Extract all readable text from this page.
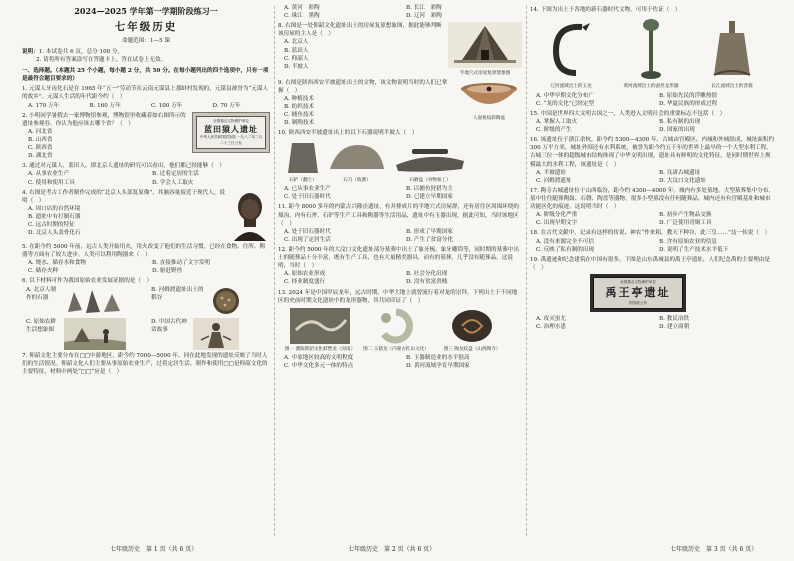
2024—2025 学年第一学期阶段练习一
七年级历史
命题范围：1—5 课
说明：1. 本试卷共 6 页，总分 100 分。
2. 请将所有答案涂写在答题卡上，答在试卷上无效。
一、选择题。（本题共 25 个小题，每小题 2 分，共 50 分。在每小题列出的四个选项中，只有一项是最符合题目要求的）
1. 元谋人牙齿化石是在 1965 年“五一”劳动节在云南元谋县上那蚌村发现的，元谋县被誉为“元谋人的故乡”。元谋人生活的年代距今约（　）
A. 170 万年	B. 160 万年	C. 100 万年	D. 70 万年
2. 小明同学暑假去一家博物馆参观，博物馆里收藏着如右图所示的遗址参观券。你认为他应该去哪个省？（　）
A. 河北省
B. 山西省
C. 陕西省
D. 湖北省
全国重点文物保护单位
蓝田猿人遗址
中华人民共和国国务院 一九八二年二月二十三日公布
3. 通过对元谋人、蓝田人，即北京人遗址的研究可以看出，他们都已经能够（　）
A. 从事农业生产	B. 过着定居的生活
C. 使用和使用工具	D. 学会人工取火
4. 右图是考古工作者制作完成的“北京人头部复原像”，其脑容量接近于现代人，说明（　）
A. 周口店的自然环境
B. 遗址中有打制石器
C. 远古时期的特征
D. 北京人头盖骨化石
5. 在距今约 5000 年前，远古人类开始用火，用火改变了他们的生活习惯，已经在食物、住所、陶器等方面有了较大进步。人类可以利用陶器来（　）
A. 烧水、储存水和食物	B. 直接推动了文字发明
C. 储存火种	D. 驱赶野兽
6. 以下材料可作为我国原始农业发展证据的是（　）
A. 北京人制作的石器
B. 河姆渡遗址出土的稻谷
C. 原始农耕生活想象图
D. 中国古代神话故事
7. 仰韶文化主要分布在□□中游地区，距今约 7000—5000 年，同在此地发现的遗址反映了当时人们的生活情况。仰韶文化人们主要从事原始农业生产，过着定居生活。制作和使用□□是仰韶文化的主要特征，材料中两处“□□”应是（　）
A. 黄河　彩陶	B. 长江　彩陶
C. 珠江　黑陶	D. 辽河　彩陶
8. 右图是一处仰韶文化遗址出土的房屋复原想象图，据此能够判断该房屋的主人是（　）
A. 北京人
B. 蓝田人
C. 仰韶人
D. 半坡人
半地穴式房屋复原想象图
9. 右图是陕西西安半坡遗址出土的文物，该文物说明当时的人们已掌握（　）
A. 种植技术
B. 纺织技术
C. 捕鱼技术
D. 制陶技术
人面鱼纹彩陶盆
10. 陕西西安半坡遗址出土的以下石器说明半坡人（　）
石铲（翻土）	石刀（收割）	石磨盘（谷物加工）
A. 已从事农业生产	B. 以捕鱼狩猎为主
C. 处于旧石器时代	D. 已建立早期国家
11. 距今 8000 多年的内蒙古兴隆洼遗址，有并排成片的半地穴式房屋群，还有居住区周围环绕的壕沟，内有石斧、石铲等生产工具和陶器等生活用品，遗址中有玉器出现，据此可知，当时该地区（　）
A. 处于旧石器时代	B. 形成了早期国家
C. 出现了定居生活	D. 产生了贫富分化
12. 距今约 5000 年的大汶口文化遗址部分墓葬中出土了象牙梳、象牙雕筒等，同时期的墓葬中出土的随葬品十分丰富，既有生产工具，也有大量精美器具，而有的墓葬，几乎没有随葬品。这说明，当时（　）
A. 原始农业形成	B. 社会分化出现
C. 择业制度盛行	D. 没有贫富贵贱
13. 2024 年是中国甲辰龙年，远古时期，中华大地上就曾流行着对龙的崇拜。下列出土于不同地区的史前时期文化遗址中的龙形器物，其共同印证了（　）
图一 濮阳仰韶文化蚌塑龙（河南）	图二 玉猪龙（内蒙古红山文化）	图三 陶龙纹盘（山西陶寺）
A. 中原地区较高的文明程度	B. 玉器制造业的水平很高
C. 中华文化多元一体的特点	D. 黄河流域孕育早期国家
14. 下图为出土于各地的新石器时代文物，可用于佐证（　）
辽河流域出土的玉龙	黄河流域出土的蚕丝龙形器	长江流域出土的昔鹿
A. 中华早期文化分布广	B. 原始先民的浮雕热情
C. “龙的文化”已经定型	D. 华夏民族的形成过程
15. 中国是世界四大文明古国之一，人类进入文明社会的重要标志不包括（　）
A. 掌握人工取火	B. 私有制的出现
C. 阶级的产生	D. 国家的出现
16. 该遗址位于浙江余杭，距今约 5300—4300 年，古城由宫殿区、内城和外城组成，城址面积约 300 万平方米，城址外围还有水利系统，被誉为距今约五千年的世界上最早的一个大型水利工程。古城三位一体的超级城市结构体现了中华文明出现，遗址具有鲜明的文化特征，是同时期世界上规模最大的水利工程，该遗址是（　）
A. 半坡遗址	B. 良渚古城遗址
C. 河姆渡遗址	D. 大汶口文化遗址
17. 陶寺古城遗址位于山西临汾，距今约 4300—4000 年。城内有多处墓地，大型墓葬集中分布，墓中往往随葬陶鼓、石磬、陶盘等器物，很多小型墓没有任何随葬品。城内还有有宫殿基址和城市功能区化的痕迹。这说明当时（　）
A. 阶级分化严重	B. 初步产生物品交换
C. 出现早期文字	D. 广泛使用青铜工具
18. 在古代文献中，记录有这样的传说，神农“作来耜，教天下种谷，此三皇……”这一传说（　）
A. 没有来源完全不可信	B. 含有原始农业的信息
C. 反映了私有制的出现	D. 说明了生产技术水平低下
19. 禹遗迹和纪念建筑在中国有很多，下图是山东禹城县的禹王亭遗址，人们纪念禹的主要理由是（　）
全国重点文物保护单位
禹王亭遗址
国务院公布
A. 攻灭蚩尤	B. 教民冶铁
C. 治理水患	D. 建立商朝
七年级历史　第 1 页（共 6 页）	七年级历史　第 2 页（共 6 页）	七年级历史　第 3 页（共 6 页）
